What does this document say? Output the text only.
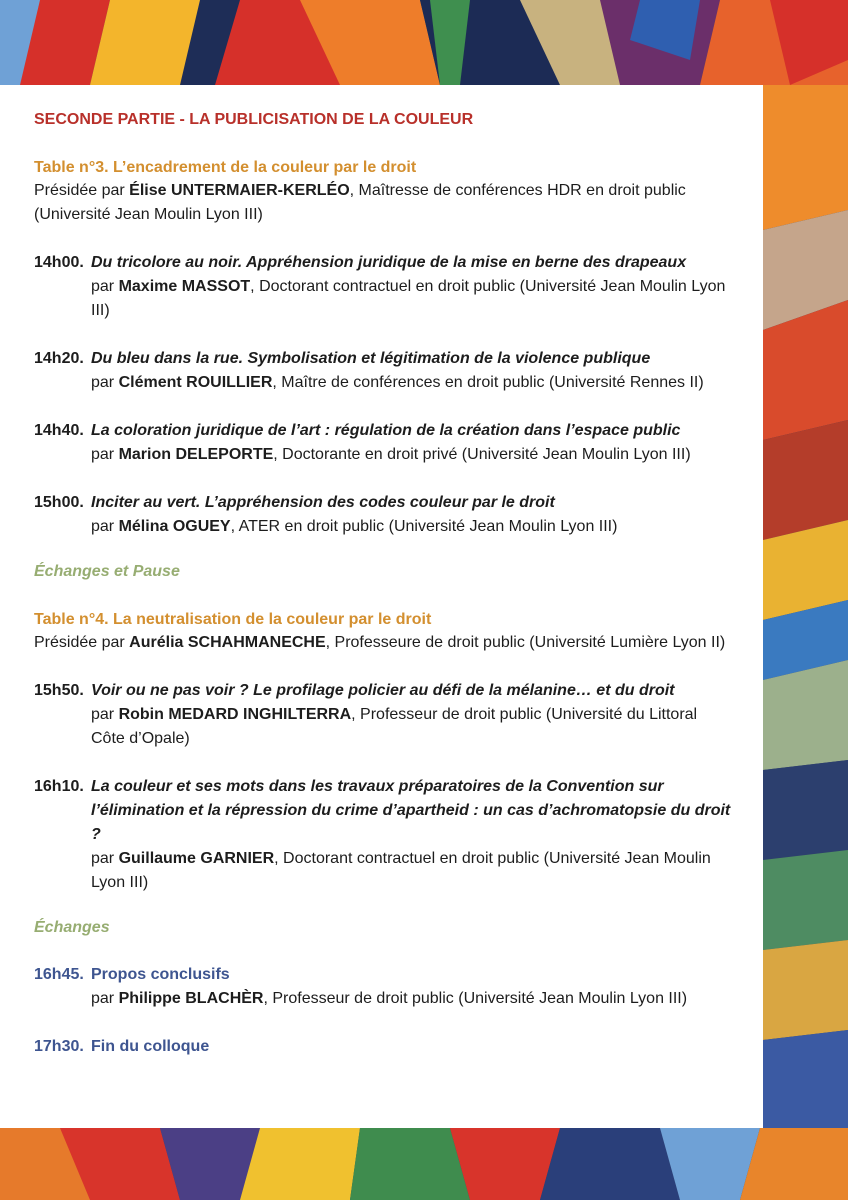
SECONDE PARTIE - LA PUBLICISATION DE LA COULEUR
Table n°3. L’encadrement de la couleur par le droit
Présidée par Élise UNTERMAIER-KERLÉO, Maîtresse de conférences HDR en droit public (Université Jean Moulin Lyon III)
14h00. Du tricolore au noir. Appréhension juridique de la mise en berne des drapeaux
par Maxime MASSOT, Doctorant contractuel en droit public (Université Jean Moulin Lyon III)
14h20. Du bleu dans la rue. Symbolisation et légitimation de la violence publique
par Clément ROUILLIER, Maître de conférences en droit public (Université Rennes II)
14h40. La coloration juridique de l’art : régulation de la création dans l’espace public
par Marion DELEPORTE, Doctorante en droit privé (Université Jean Moulin Lyon III)
15h00. Inciter au vert. L’appréhension des codes couleur par le droit
par Mélina OGUEY, ATER en droit public (Université Jean Moulin Lyon III)
Échanges et Pause
Table n°4. La neutralisation de la couleur par le droit
Présidée par Aurélia SCHAHMANECHE, Professeure de droit public (Université Lumière Lyon II)
15h50. Voir ou ne pas voir ? Le profilage policier au défi de la mélanine… et du droit
par Robin MEDARD INGHILTERRA, Professeur de droit public (Université du Littoral Côte d’Opale)
16h10. La couleur et ses mots dans les travaux préparatoires de la Convention sur l’élimination et la répression du crime d’apartheid : un cas d’achromatopsie du droit ?
par Guillaume GARNIER, Doctorant contractuel en droit public (Université Jean Moulin Lyon III)
Échanges
16h45. Propos conclusifs
par Philippe BLACHÈR, Professeur de droit public (Université Jean Moulin Lyon III)
17h30. Fin du colloque
